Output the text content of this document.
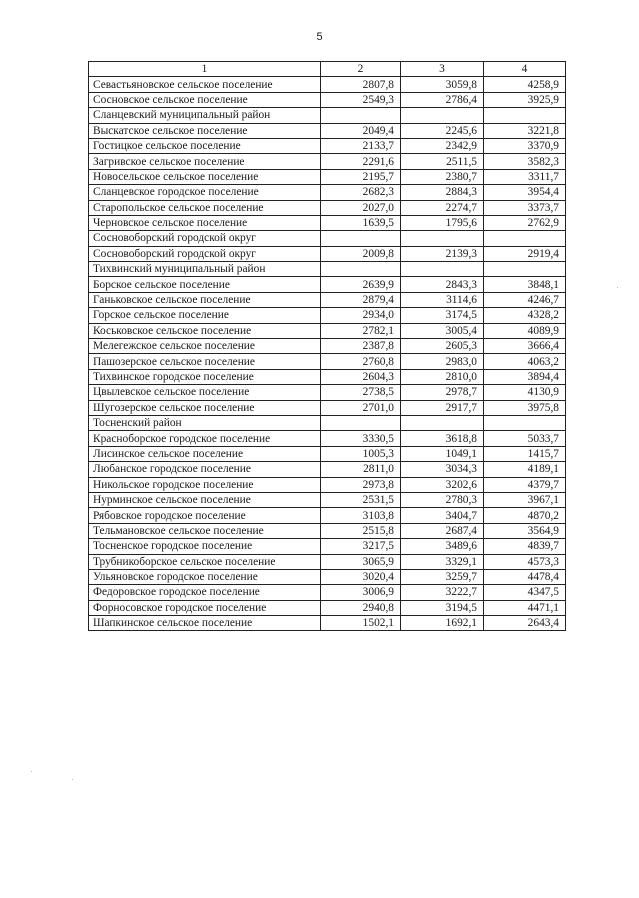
5
1	2	3	4
Севастьяновское сельское поселение	2807,8	3059,8	4258,9
Сосновское сельское поселение	2549,3	2786,4	3925,9
Сланцевский муниципальный район			
Выскатское сельское поселение	2049,4	2245,6	3221,8
Гостицкое сельское поселение	2133,7	2342,9	3370,9
Загривское сельское поселение	2291,6	2511,5	3582,3
Новосельское сельское поселение	2195,7	2380,7	3311,7
Сланцевское городское поселение	2682,3	2884,3	3954,4
Старопольское сельское поселение	2027,0	2274,7	3373,7
Черновское сельское поселение	1639,5	1795,6	2762,9
Сосновоборский городской округ			
Сосновоборский городской округ	2009,8	2139,3	2919,4
Тихвинский муниципальный район			
Борское сельское поселение	2639,9	2843,3	3848,1
Ганьковское сельское поселение	2879,4	3114,6	4246,7
Горское сельское поселение	2934,0	3174,5	4328,2
Коськовское сельское поселение	2782,1	3005,4	4089,9
Мелегежское сельское поселение	2387,8	2605,3	3666,4
Пашозерское сельское поселение	2760,8	2983,0	4063,2
Тихвинское городское поселение	2604,3	2810,0	3894,4
Цвылевское сельское поселение	2738,5	2978,7	4130,9
Шугозерское сельское поселение	2701,0	2917,7	3975,8
Тосненский район			
Красноборское городское поселение	3330,5	3618,8	5033,7
Лисинское сельское поселение	1005,3	1049,1	1415,7
Любанское городское поселение	2811,0	3034,3	4189,1
Никольское городское поселение	2973,8	3202,6	4379,7
Нурминское сельское поселение	2531,5	2780,3	3967,1
Рябовское городское поселение	3103,8	3404,7	4870,2
Тельмановское сельское поселение	2515,8	2687,4	3564,9
Тосненское городское поселение	3217,5	3489,6	4839,7
Трубникоборское сельское поселение	3065,9	3329,1	4573,3
Ульяновское городское поселение	3020,4	3259,7	4478,4
Федоровское городское поселение	3006,9	3222,7	4347,5
Форносовское городское поселение	2940,8	3194,5	4471,1
Шапкинское сельское поселение	1502,1	1692,1	2643,4
